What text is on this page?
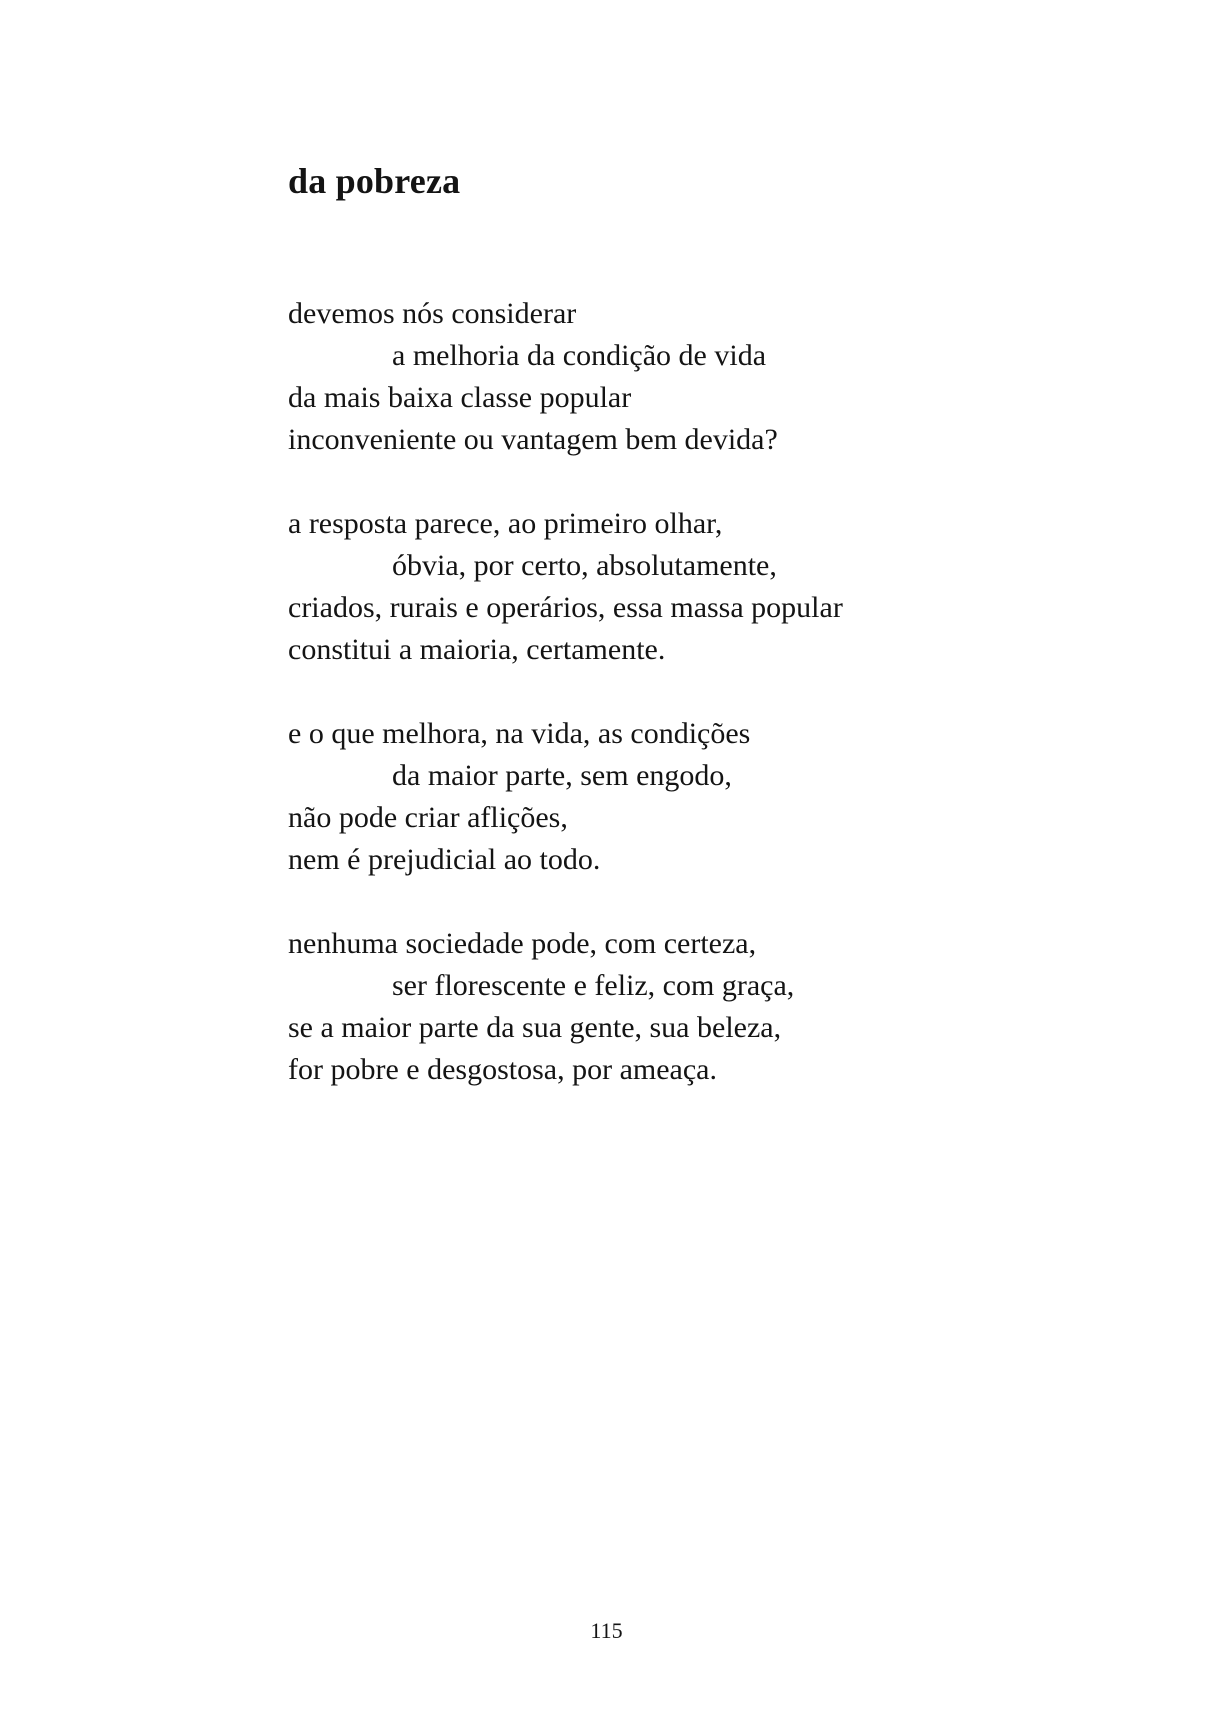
da pobreza
devemos nós considerar
a melhoria da condição de vida
da mais baixa classe popular
inconveniente ou vantagem bem devida?
a resposta parece, ao primeiro olhar,
óbvia, por certo, absolutamente,
criados, rurais e operários, essa massa popular
constitui a maioria, certamente.
e o que melhora, na vida, as condições
da maior parte, sem engodo,
não pode criar aflições,
nem é prejudicial ao todo.
nenhuma sociedade pode, com certeza,
ser florescente e feliz, com graça,
se a maior parte da sua gente, sua beleza,
for pobre e desgostosa, por ameaça.
115
